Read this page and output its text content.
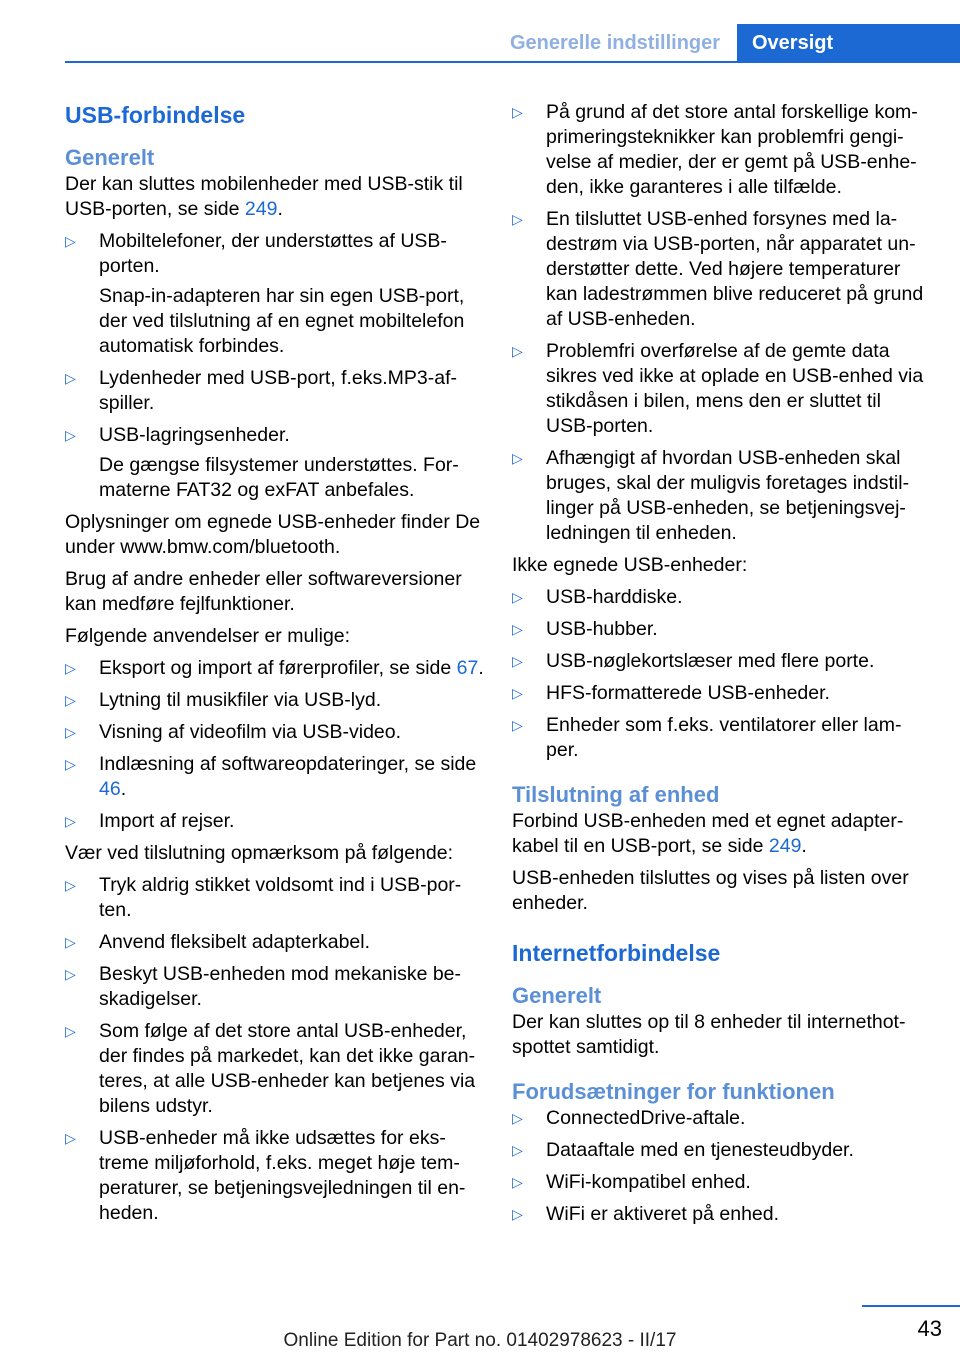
Generelle indstillinger	Oversigt
USB-forbindelse
Generelt

Der kan sluttes mobilenheder med USB-stik til USB-porten, se side 249.

▷ Mobiltelefoner, der understøttes af USB-porten.
Snap-in-adapteren har sin egen USB-port, der ved tilslutning af en egnet mobiltelefon automatisk forbindes.
▷ Lydenheder med USB-port, f.eks.MP3-af-spiller.
▷ USB-lagringsenheder.
De gængse filsystemer understøttes. For-materne FAT32 og exFAT anbefales.

Oplysninger om egnede USB-enheder finder De under www.bmw.com/bluetooth.

Brug af andre enheder eller softwareversioner kan medføre fejlfunktioner.

Følgende anvendelser er mulige:

▷ Eksport og import af førerprofiler, se side 67.
▷ Lytning til musikfiler via USB-lyd.
▷ Visning af videofilm via USB-video.
▷ Indlæsning af softwareopdateringer, se side 46.
▷ Import af rejser.

Vær ved tilslutning opmærksom på følgende:

▷ Tryk aldrig stikket voldsomt ind i USB-por-ten.
▷ Anvend fleksibelt adapterkabel.
▷ Beskyt USB-enheden mod mekaniske be-skadigelser.
▷ Som følge af det store antal USB-enheder, der findes på markedet, kan det ikke garan-teres, at alle USB-enheder kan betjenes via bilens udstyr.
▷ USB-enheder må ikke udsættes for eks-treme miljøforhold, f.eks. meget høje tem-peraturer, se betjeningsvejledningen til en-heden.
▷ På grund af det store antal forskellige kom-primeringsteknikker kan problemfri gengi-velse af medier, der er gemt på USB-enhe-den, ikke garanteres i alle tilfælde.
▷ En tilsluttet USB-enhed forsynes med la-destrøm via USB-porten, når apparatet un-derstøtter dette. Ved højere temperaturer kan ladestrømmen blive reduceret på grund af USB-enheden.
▷ Problemfri overførelse af de gemte data sikres ved ikke at oplade en USB-enhed via stikdåsen i bilen, mens den er sluttet til USB-porten.
▷ Afhængigt af hvordan USB-enheden skal bruges, skal der muligvis foretages indstil-linger på USB-enheden, se betjeningsvej-ledningen til enheden.

Ikke egnede USB-enheder:

▷ USB-harddiske.
▷ USB-hubber.
▷ USB-nøglekortslæser med flere porte.
▷ HFS-formatterede USB-enheder.
▷ Enheder som f.eks. ventilatorer eller lam-per.
Tilslutning af enhed

Forbind USB-enheden med et egnet adapter-kabel til en USB-port, se side 249.

USB-enheden tilsluttes og vises på listen over enheder.

Internetforbindelse
Generelt

Der kan sluttes op til 8 enheder til internethot-spottet samtidigt.

Forudsætninger for funktionen
▷ ConnectedDrive-aftale.
▷ Dataaftale med en tjenesteudbyder.
▷ WiFi-kompatibel enhed.
▷ WiFi er aktiveret på enhed.
43
Online Edition for Part no. 01402978623 - II/17
